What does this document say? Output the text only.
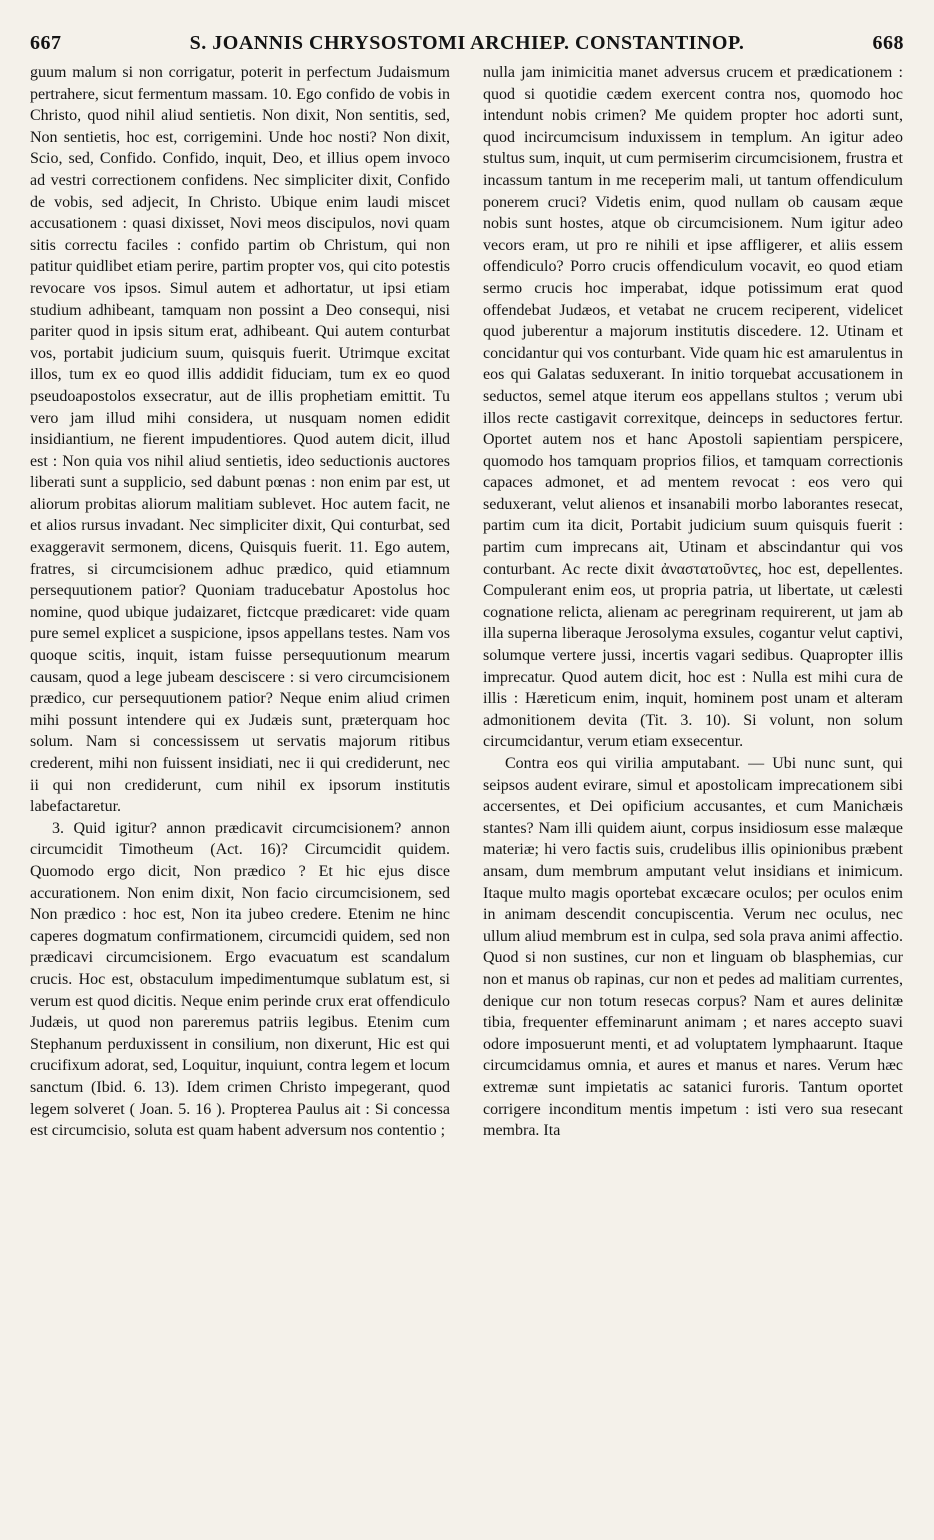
667	S. JOANNIS CHRYSOSTOMI ARCHIEP. CONSTANTINOP.	668

guum malum si non corrigatur, poterit in perfectum Judaismum pertrahere, sicut fermentum massam. 10. Ego confido de vobis in Christo, quod nihil aliud sentietis. Non dixit, Non sentitis, sed, Non sentietis, hoc est, corrigemini. Unde hoc nosti? Non dixit, Scio, sed, Confido. Confido, inquit, Deo, et illius opem invoco ad vestri correctionem confidens. Nec simpliciter dixit, Confido de vobis, sed adjecit, In Christo. Ubique enim laudi miscet accusationem : quasi dixisset, Novi meos discipulos, novi quam sitis correctu faciles : confido partim ob Christum, qui non patitur quidlibet etiam perire, partim propter vos, qui cito potestis revocare vos ipsos. Simul autem et adhortatur, ut ipsi etiam studium adhibeant, tamquam non possint a Deo consequi, nisi pariter quod in ipsis situm erat, adhibeant. Qui autem conturbat vos, portabit judicium suum, quisquis fuerit. Utrimque excitat illos, tum ex eo quod illis addidit fiduciam, tum ex eo quod pseudoapostolos exsecratur, aut de illis prophetiam emittit. Tu vero jam illud mihi considera, ut nusquam nomen edidit insidiantium, ne fierent impudentiores. Quod autem dicit, illud est : Non quia vos nihil aliud sentietis, ideo seductionis auctores liberati sunt a supplicio, sed dabunt pœnas : non enim par est, ut aliorum probitas aliorum malitiam sublevet. Hoc autem facit, ne et alios rursus invadant. Nec simpliciter dixit, Qui conturbat, sed exaggeravit sermonem, dicens, Quisquis fuerit. 11. Ego autem, fratres, si circumcisionem adhuc prædico, quid etiamnum persequutionem patior? Quoniam traducebatur Apostolus hoc nomine, quod ubique judaizaret, fictcque prædicaret: vide quam pure semel explicet a suspicione, ipsos appellans testes. Nam vos quoque scitis, inquit, istam fuisse persequutionum mearum causam, quod a lege jubeam desciscere : si vero circumcisionem prædico, cur persequutionem patior? Neque enim aliud crimen mihi possunt intendere qui ex Judæis sunt, præterquam hoc solum. Nam si concessissem ut servatis majorum ritibus crederent, mihi non fuissent insidiati, nec ii qui crediderunt, nec ii qui non crediderunt, cum nihil ex ipsorum institutis labefactaretur.

3. Quid igitur? annon prædicavit circumcisionem? annon circumcidit Timotheum (Act. 16)? Circumcidit quidem. Quomodo ergo dicit, Non prædico ? Et hic ejus disce accurationem. Non enim dixit, Non facio circumcisionem, sed Non prædico : hoc est, Non ita jubeo credere. Etenim ne hinc caperes dogmatum confirmationem, circumcidi quidem, sed non prædicavi circumcisionem. Ergo evacuatum est scandalum crucis. Hoc est, obstaculum impedimentumque sublatum est, si verum est quod dicitis. Neque enim perinde crux erat offendiculo Judæis, ut quod non pareremus patriis legibus. Etenim cum Stephanum perduxissent in consilium, non dixerunt, Hic est qui crucifixum adorat, sed, Loquitur, inquiunt, contra legem et locum sanctum (Ibid. 6. 13). Idem crimen Christo impegerant, quod legem solveret ( Joan. 5. 16 ). Propterea Paulus ait : Si concessa est circumcisio, soluta est quam habent adversum nos contentio ;

nulla jam inimicitia manet adversus crucem et prædicationem : quod si quotidie cædem exercent contra nos, quomodo hoc intendunt nobis crimen? Me quidem propter hoc adorti sunt, quod incircumcisum induxissem in templum. An igitur adeo stultus sum, inquit, ut cum permiserim circumcisionem, frustra et incassum tantum in me receperim mali, ut tantum offendiculum ponerem cruci? Videtis enim, quod nullam ob causam æque nobis sunt hostes, atque ob circumcisionem. Num igitur adeo vecors eram, ut pro re nihili et ipse affligerer, et aliis essem offendiculo? Porro crucis offendiculum vocavit, eo quod etiam sermo crucis hoc imperabat, idque potissimum erat quod offendebat Judæos, et vetabat ne crucem reciperent, videlicet quod juberentur a majorum institutis discedere. 12. Utinam et concidantur qui vos conturbant. Vide quam hic est amarulentus in eos qui Galatas seduxerant. In initio torquebat accusationem in seductos, semel atque iterum eos appellans stultos ; verum ubi illos recte castigavit correxitque, deinceps in seductores fertur. Oportet autem nos et hanc Apostoli sapientiam perspicere, quomodo hos tamquam proprios filios, et tamquam correctionis capaces admonet, et ad mentem revocat : eos vero qui seduxerant, velut alienos et insanabili morbo laborantes resecat, partim cum ita dicit, Portabit judicium suum quisquis fuerit : partim cum imprecans ait, Utinam et abscindantur qui vos conturbant. Ac recte dixit ἀναστατοῦντες, hoc est, depellentes. Compulerant enim eos, ut propria patria, ut libertate, ut cælesti cognatione relicta, alienam ac peregrinam requirerent, ut jam ab illa superna liberaque Jerosolyma exsules, cogantur velut captivi, solumque vertere jussi, incertis vagari sedibus. Quapropter illis imprecatur. Quod autem dicit, hoc est : Nulla est mihi cura de illis : Hæreticum enim, inquit, hominem post unam et alteram admonitionem devita (Tit. 3. 10). Si volunt, non solum circumcidantur, verum etiam exsecentur.

Contra eos qui virilia amputabant. — Ubi nunc sunt, qui seipsos audent evirare, simul et apostolicam imprecationem sibi accersentes, et Dei opificium accusantes, et cum Manichæis stantes? Nam illi quidem aiunt, corpus insidiosum esse malæque materiæ; hi vero factis suis, crudelibus illis opinionibus præbent ansam, dum membrum amputant velut insidians et inimicum. Itaque multo magis oportebat excæcare oculos; per oculos enim in animam descendit concupiscentia. Verum nec oculus, nec ullum aliud membrum est in culpa, sed sola prava animi affectio. Quod si non sustines, cur non et linguam ob blasphemias, cur non et manus ob rapinas, cur non et pedes ad malitiam currentes, denique cur non totum resecas corpus? Nam et aures delinitæ tibia, frequenter effeminarunt animam ; et nares accepto suavi odore imposuerunt menti, et ad voluptatem lymphaarunt. Itaque circumcidamus omnia, et aures et manus et nares. Verum hæc extremæ sunt impietatis ac satanici furoris. Tantum oportet corrigere inconditum mentis impetum : isti vero sua resecant membra. Ita
